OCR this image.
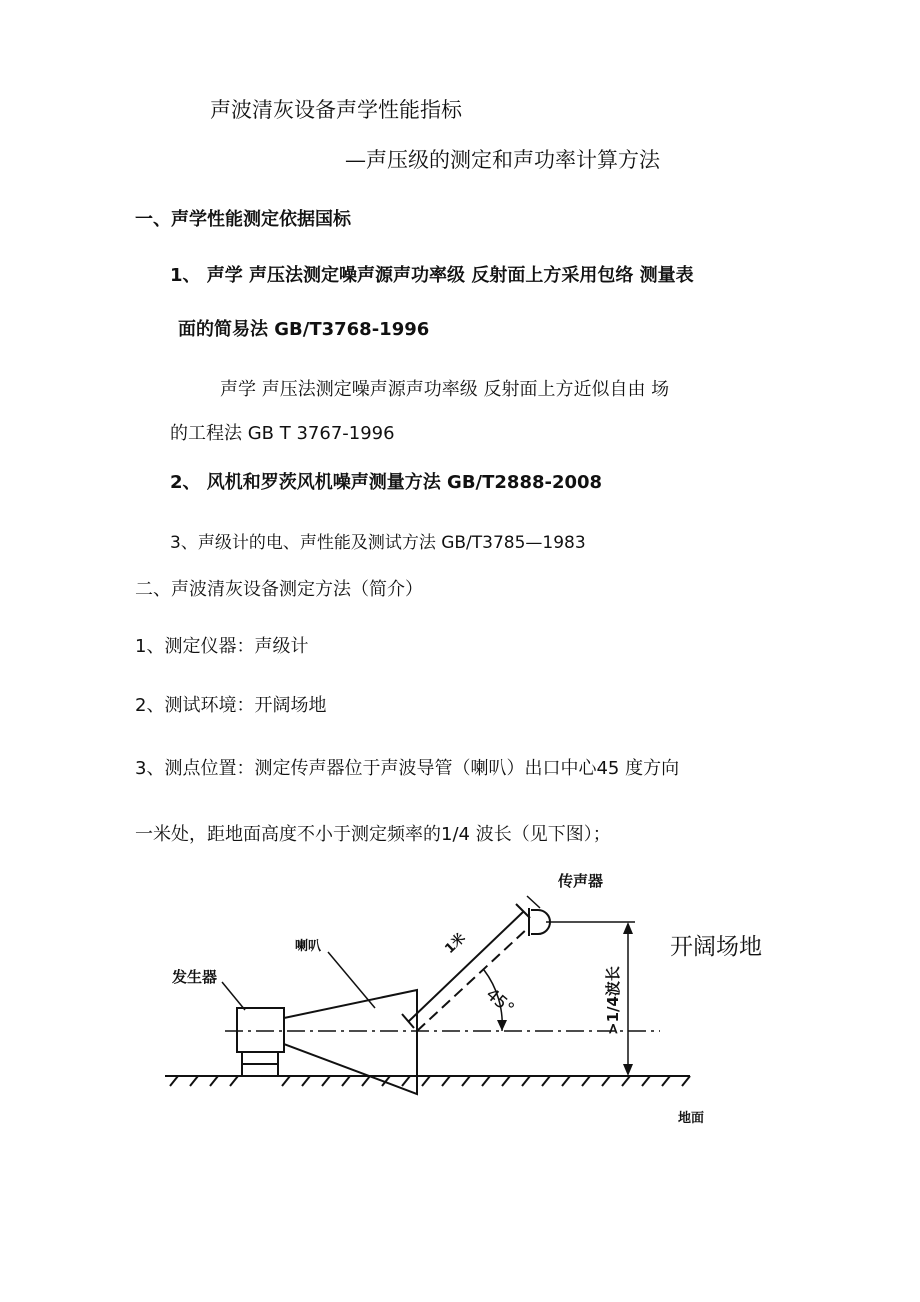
声波清灰设备声学性能指标
—声压级的测定和声功率计算方法
一、声学性能测定依据国标
1、 声学 声压法测定噪声源声功率级 反射面上方采用包络 测量表
面的简易法 GB/T3768-1996
声学 声压法测定噪声源声功率级 反射面上方近似自由 场
的工程法 GB T 3767-1996
2、 风机和罗茨风机噪声测量方法 GB/T2888-2008
3、声级计的电、声性能及测试方法 GB/T3785—1983
二、声波清灰设备测定方法（简介）
1、测定仪器：声级计
2、测试环境：开阔场地
3、测点位置：测定传声器位于声波导管（喇叭）出口中心45 度方向
一米处，距地面高度不小于测定频率的1/4 波长（见下图）；
发生器
喇叭
传声器
开阔场地
1米
45°	>1/4波长
地面
